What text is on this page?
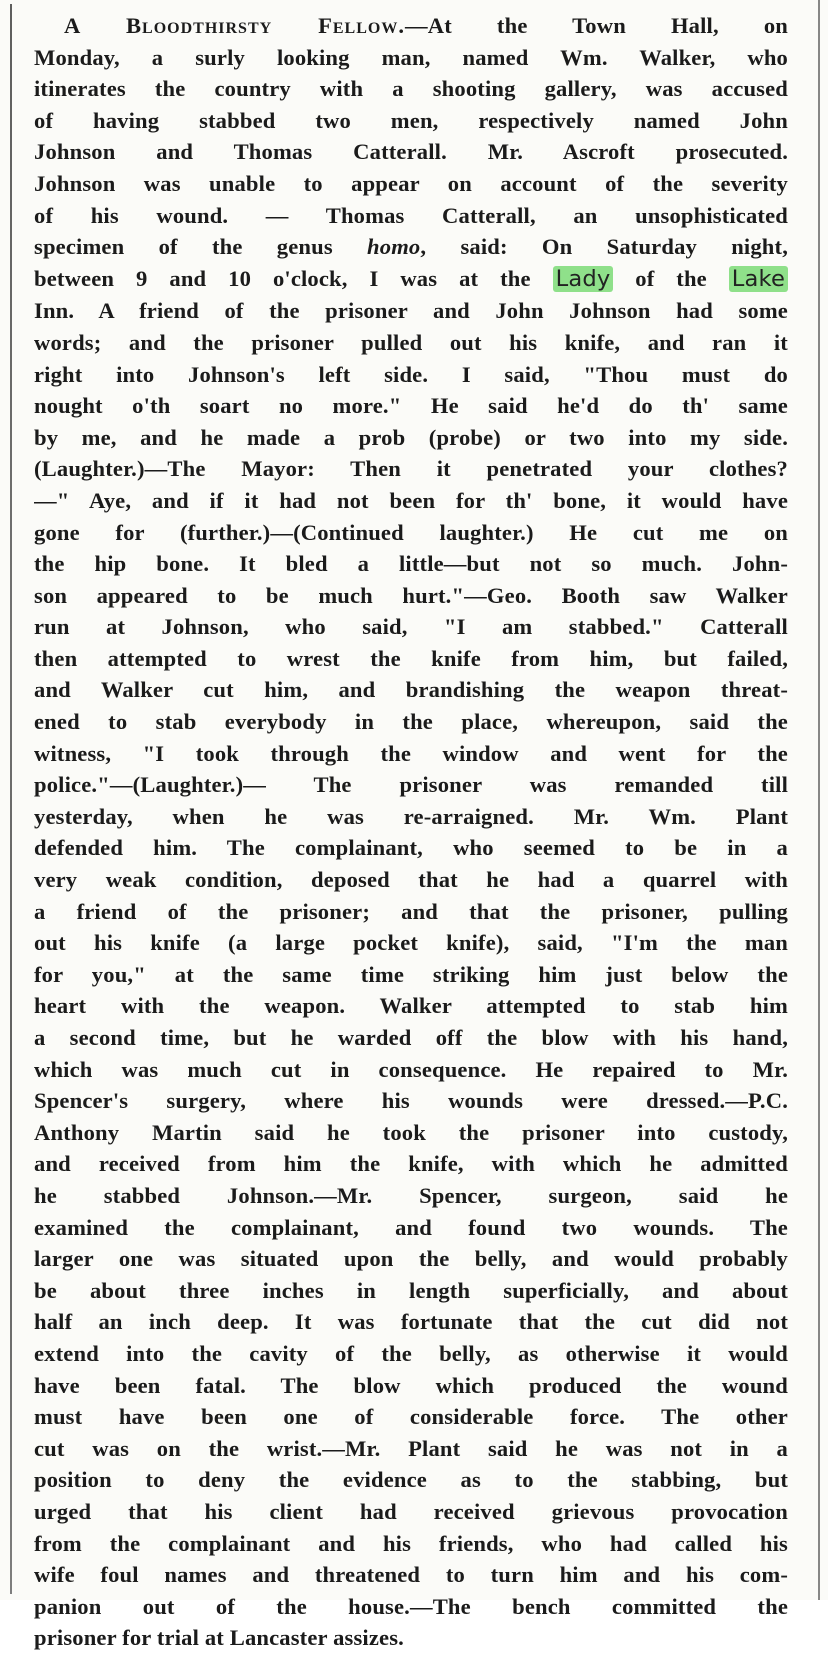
A Bloodthirsty Fellow.—At the Town Hall, on
Monday, a surly looking man, named Wm. Walker, who
itinerates the country with a shooting gallery, was accused
of having stabbed two men, respectively named John
Johnson and Thomas Catterall. Mr. Ascroft prosecuted.
Johnson was unable to appear on account of the severity
of his wound. — Thomas Catterall, an unsophisticated
specimen of the genus homo, said: On Saturday night,
between 9 and 10 o'clock, I was at the Lady of the Lake
Inn. A friend of the prisoner and John Johnson had some
words; and the prisoner pulled out his knife, and ran it
right into Johnson's left side. I said, "Thou must do
nought o'th soart no more." He said he'd do th' same
by me, and he made a prob (probe) or two into my side.
(Laughter.)—The Mayor: Then it penetrated your clothes?
—" Aye, and if it had not been for th' bone, it would have
gone for (further.)—(Continued laughter.) He cut me on
the hip bone. It bled a little—but not so much. John-
son appeared to be much hurt."—Geo. Booth saw Walker
run at Johnson, who said, "I am stabbed." Catterall
then attempted to wrest the knife from him, but failed,
and Walker cut him, and brandishing the weapon threat-
ened to stab everybody in the place, whereupon, said the
witness, "I took through the window and went for the
police."—(Laughter.)— The prisoner was remanded till
yesterday, when he was re-arraigned. Mr. Wm. Plant
defended him. The complainant, who seemed to be in a
very weak condition, deposed that he had a quarrel with
a friend of the prisoner; and that the prisoner, pulling
out his knife (a large pocket knife), said, "I'm the man
for you," at the same time striking him just below the
heart with the weapon. Walker attempted to stab him
a second time, but he warded off the blow with his hand,
which was much cut in consequence. He repaired to Mr.
Spencer's surgery, where his wounds were dressed.—P.C.
Anthony Martin said he took the prisoner into custody,
and received from him the knife, with which he admitted
he stabbed Johnson.—Mr. Spencer, surgeon, said he
examined the complainant, and found two wounds. The
larger one was situated upon the belly, and would probably
be about three inches in length superficially, and about
half an inch deep. It was fortunate that the cut did not
extend into the cavity of the belly, as otherwise it would
have been fatal. The blow which produced the wound
must have been one of considerable force. The other
cut was on the wrist.—Mr. Plant said he was not in a
position to deny the evidence as to the stabbing, but
urged that his client had received grievous provocation
from the complainant and his friends, who had called his
wife foul names and threatened to turn him and his com-
panion out of the house.—The bench committed the
prisoner for trial at Lancaster assizes.
